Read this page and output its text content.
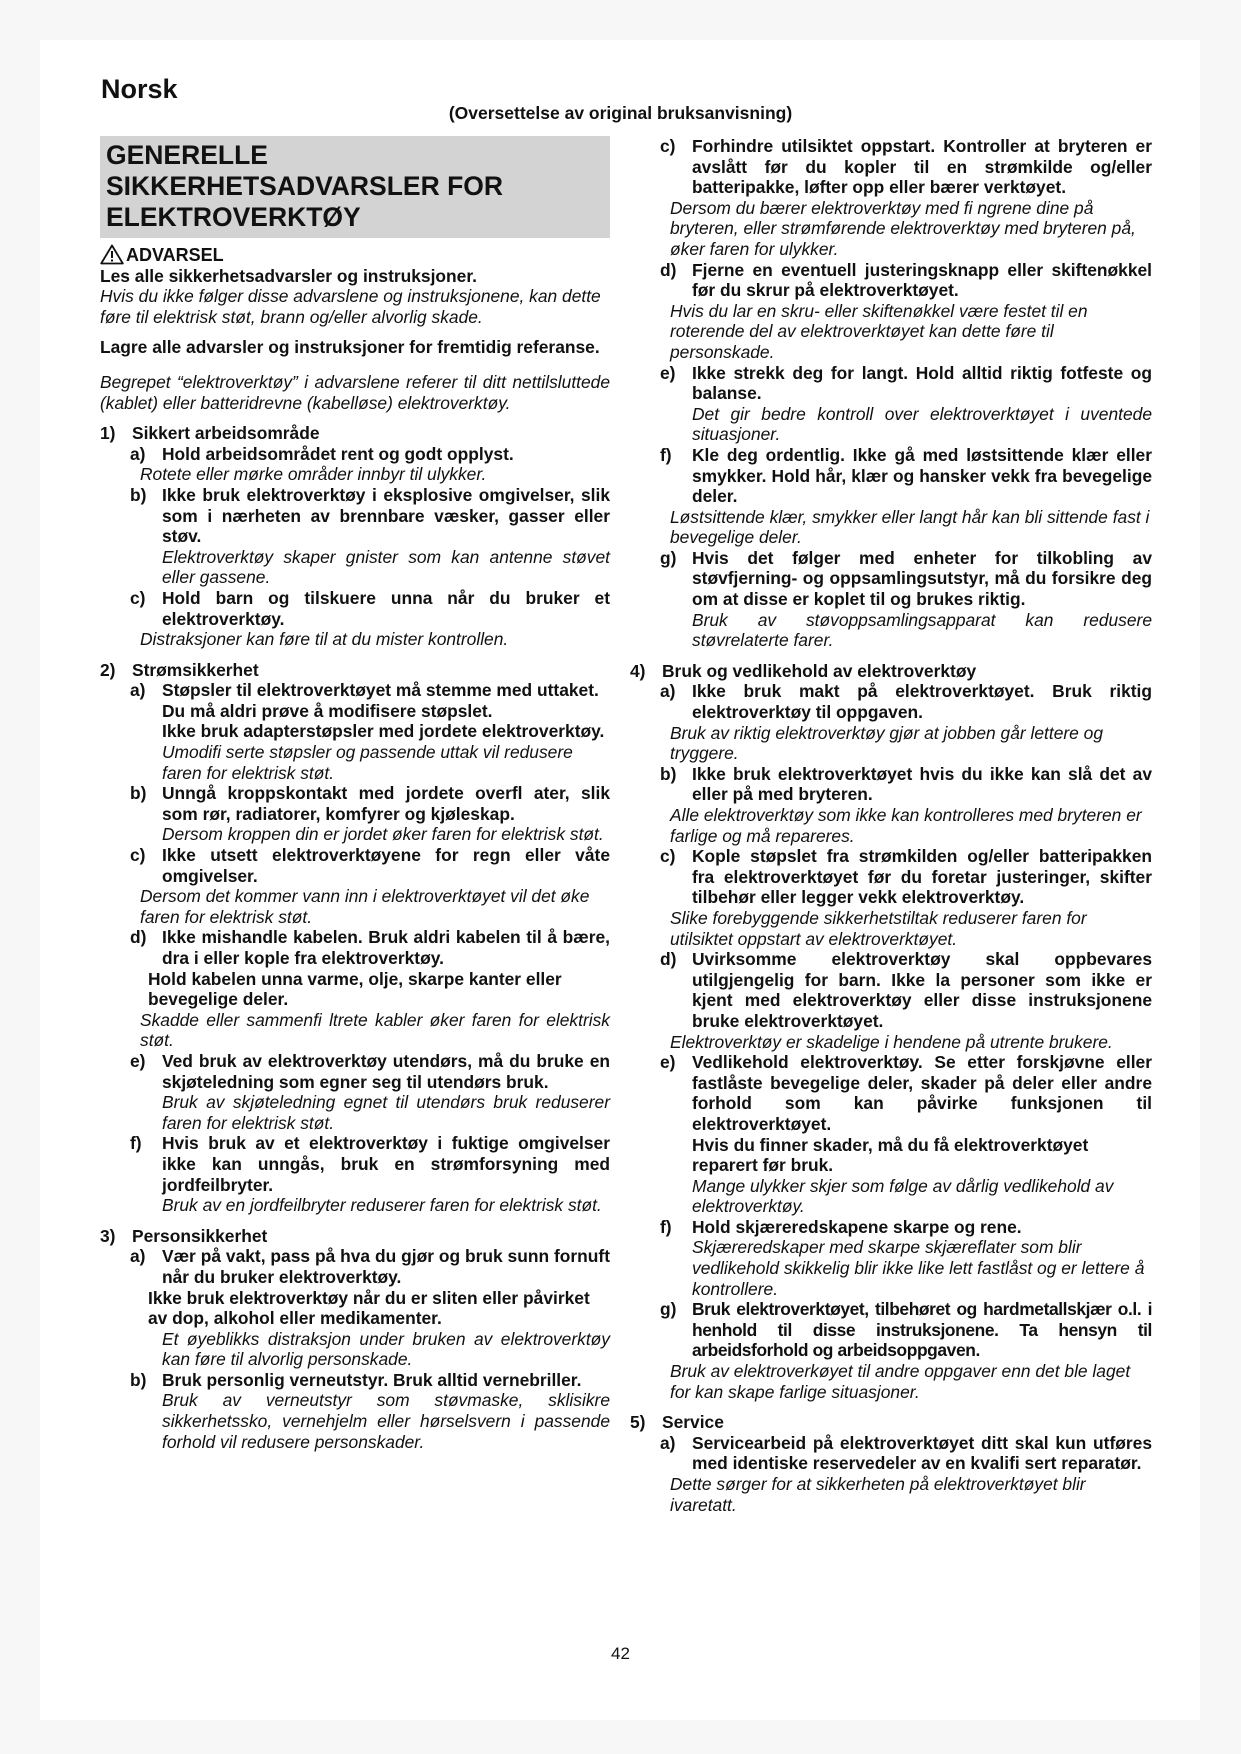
Norsk
(Oversettelse av original bruksanvisning)
GENERELLE SIKKERHETSADVARSLER FOR ELEKTROVERKTØY
ADVARSEL

Les alle sikkerhetsadvarsler og instruksjoner.

Hvis du ikke følger disse advarslene og instruksjonene, kan dette føre til elektrisk støt, brann og/eller alvorlig skade.

Lagre alle advarsler og instruksjoner for fremtidig referanse.

Begrepet “elektroverktøy” i advarslene referer til ditt nettilsluttede (kablet) eller batteridrevne (kabelløse) elektroverktøy.

1) Sikkert arbeidsområde
a) Hold arbeidsområdet rent og godt opplyst.

Rotete eller mørke områder innbyr til ulykker.

b) Ikke bruk elektroverktøy i eksplosive omgivelser, slik som i nærheten av brennbare væsker, gasser eller støv.

Elektroverktøy skaper gnister som kan antenne støvet eller gassene.

c) Hold barn og tilskuere unna når du bruker et elektroverktøy.

Distraksjoner kan føre til at du mister kontrollen.

2) Strømsikkerhet
a) Støpsler til elektroverktøyet må stemme med uttaket.

Du må aldri prøve å modifisere støpslet.

Ikke bruk adapterstøpsler med jordete elektroverktøy.

Umodifi serte støpsler og passende uttak vil redusere faren for elektrisk støt.

b) Unngå kroppskontakt med jordete overfl ater, slik som rør, radiatorer, komfyrer og kjøleskap.

Dersom kroppen din er jordet øker faren for elektrisk støt.

c) Ikke utsett elektroverktøyene for regn eller våte omgivelser.

Dersom det kommer vann inn i elektroverktøyet vil det øke faren for elektrisk støt.

d) Ikke mishandle kabelen. Bruk aldri kabelen til å bære, dra i eller kople fra elektroverktøy.

Hold kabelen unna varme, olje, skarpe kanter eller bevegelige deler.

Skadde eller sammenfi ltrete kabler øker faren for elektrisk støt.

e) Ved bruk av elektroverktøy utendørs, må du bruke en skjøteledning som egner seg til utendørs bruk.

Bruk av skjøteledning egnet til utendørs bruk reduserer faren for elektrisk støt.

f)	Hvis bruk av et elektroverktøy i fuktige omgivelser ikke kan unngås, bruk en strømforsyning med jordfeilbryter.

Bruk av en jordfeilbryter reduserer faren for elektrisk støt.

3) Personsikkerhet
a) Vær på vakt, pass på hva du gjør og bruk sunn fornuft når du bruker elektroverktøy.

Ikke bruk elektroverktøy når du er sliten eller påvirket av dop, alkohol eller medikamenter.

Et øyeblikks distraksjon under bruken av elektroverktøy kan føre til alvorlig personskade.

b) Bruk personlig verneutstyr. Bruk alltid vernebriller.

Bruk av verneutstyr som støvmaske, sklisikre sikkerhetssko, vernehjelm eller hørselsvern i passende forhold vil redusere personskader.

c) Forhindre utilsiktet oppstart. Kontroller at bryteren er avslått før du kopler til en strømkilde og/eller batteripakke, løfter opp eller bærer verktøyet.

Dersom du bærer elektroverktøy med fi ngrene dine på bryteren, eller strømførende elektroverktøy med bryteren på, øker faren for ulykker.

d) Fjerne en eventuell justeringsknapp eller skiftenøkkel før du skrur på elektroverktøyet.

Hvis du lar en skru- eller skiftenøkkel være festet til en roterende del av elektroverktøyet kan dette føre til personskade.

e) Ikke strekk deg for langt. Hold alltid riktig fotfeste og balanse.

Det gir bedre kontroll over elektroverktøyet i uventede situasjoner.

f)	Kle deg ordentlig. Ikke gå med løstsittende klær eller smykker. Hold hår, klær og hansker vekk fra bevegelige deler.

Løstsittende klær, smykker eller langt hår kan bli sittende fast i bevegelige deler.

g) Hvis det følger med enheter for tilkobling av støvfjerning- og oppsamlingsutstyr, må du forsikre deg om at disse er koplet til og brukes riktig.

Bruk av støvoppsamlingsapparat kan redusere støvrelaterte farer.

4) Bruk og vedlikehold av elektroverktøy
a) Ikke bruk makt på elektroverktøyet. Bruk riktig elektroverktøy til oppgaven.

Bruk av riktig elektroverktøy gjør at jobben går lettere og tryggere.

b) Ikke bruk elektroverktøyet hvis du ikke kan slå det av eller på med bryteren.

Alle elektroverktøy som ikke kan kontrolleres med bryteren er farlige og må repareres.

c) Kople støpslet fra strømkilden og/eller batteripakken fra elektroverktøyet før du foretar justeringer, skifter tilbehør eller legger vekk elektroverktøy.

Slike forebyggende sikkerhetstiltak reduserer faren for utilsiktet oppstart av elektroverktøyet.

d) Uvirksomme elektroverktøy skal oppbevares utilgjengelig for barn. Ikke la personer som ikke er kjent med elektroverktøy eller disse instruksjonene bruke elektroverktøyet.

Elektroverktøy er skadelige i hendene på utrente brukere.

e) Vedlikehold elektroverktøy. Se etter forskjøvne eller fastlåste bevegelige deler, skader på deler eller andre forhold som kan påvirke funksjonen til elektroverktøyet.

Hvis du finner skader, må du få elektroverktøyet reparert før bruk.

Mange ulykker skjer som følge av dårlig vedlikehold av elektroverktøy.

f)	Hold skjæreredskapene skarpe og rene.

Skjæreredskaper med skarpe skjæreflater som blir vedlikehold skikkelig blir ikke like lett fastlåst og er lettere å kontrollere.

g) Bruk elektroverktøyet, tilbehøret og hardmetallskjær o.l. i henhold til disse instruksjonene. Ta hensyn til arbeidsforhold og arbeidsoppgaven.

Bruk av elektroverkøyet til andre oppgaver enn det ble laget for kan skape farlige situasjoner.

5) Service
a) Servicearbeid på elektroverktøyet ditt skal kun utføres med identiske reservedeler av en kvalifi sert reparatør.

Dette sørger for at sikkerheten på elektroverktøyet blir ivaretatt.

42
